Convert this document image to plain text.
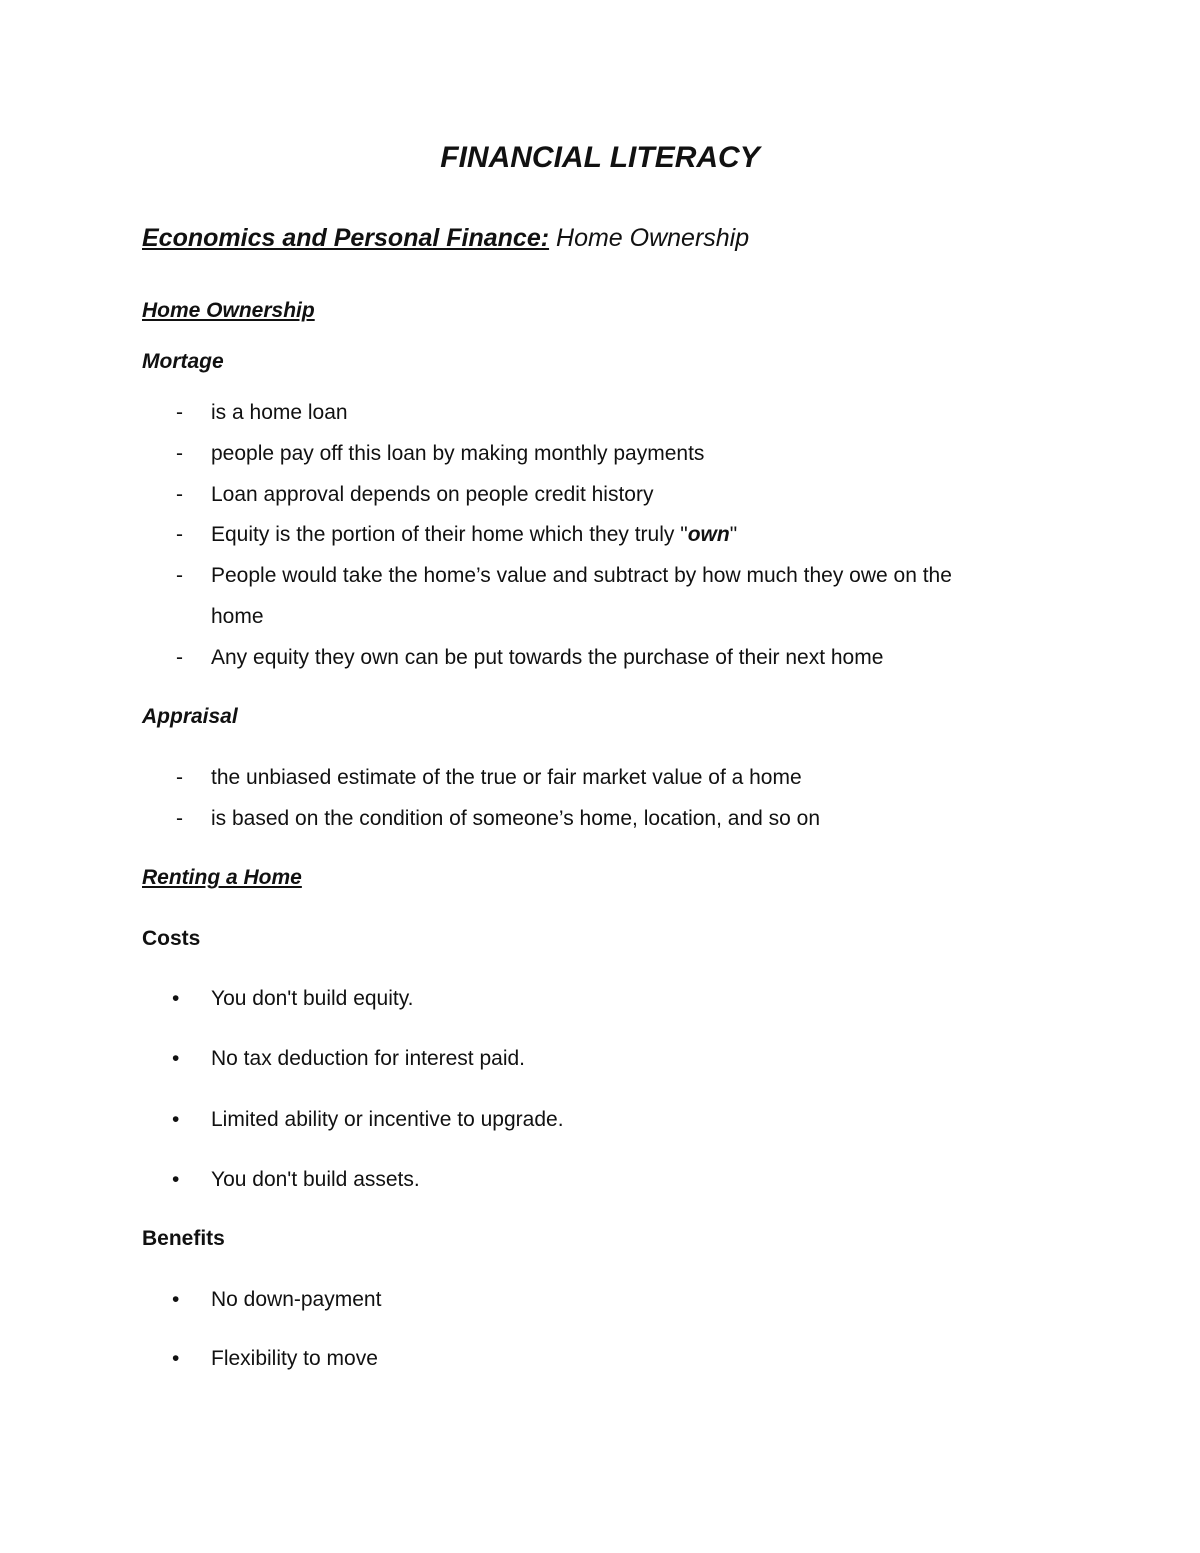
FINANCIAL LITERACY
Economics and Personal Finance: Home Ownership
Home Ownership
Mortage
- is a home loan
- people pay off this loan by making monthly payments
- Loan approval depends on people credit history
- Equity is the portion of their home which they truly "own"
- People would take the home’s value and subtract by how much they owe on the
home
- Any equity they own can be put towards the purchase of their next home
Appraisal
- the unbiased estimate of the true or fair market value of a home
- is based on the condition of someone’s home, location, and so on
Renting a Home
Costs
• You don't build equity.
• No tax deduction for interest paid.
• Limited ability or incentive to upgrade.
• You don't build assets.
Benefits
• No down-payment
• Flexibility to move
